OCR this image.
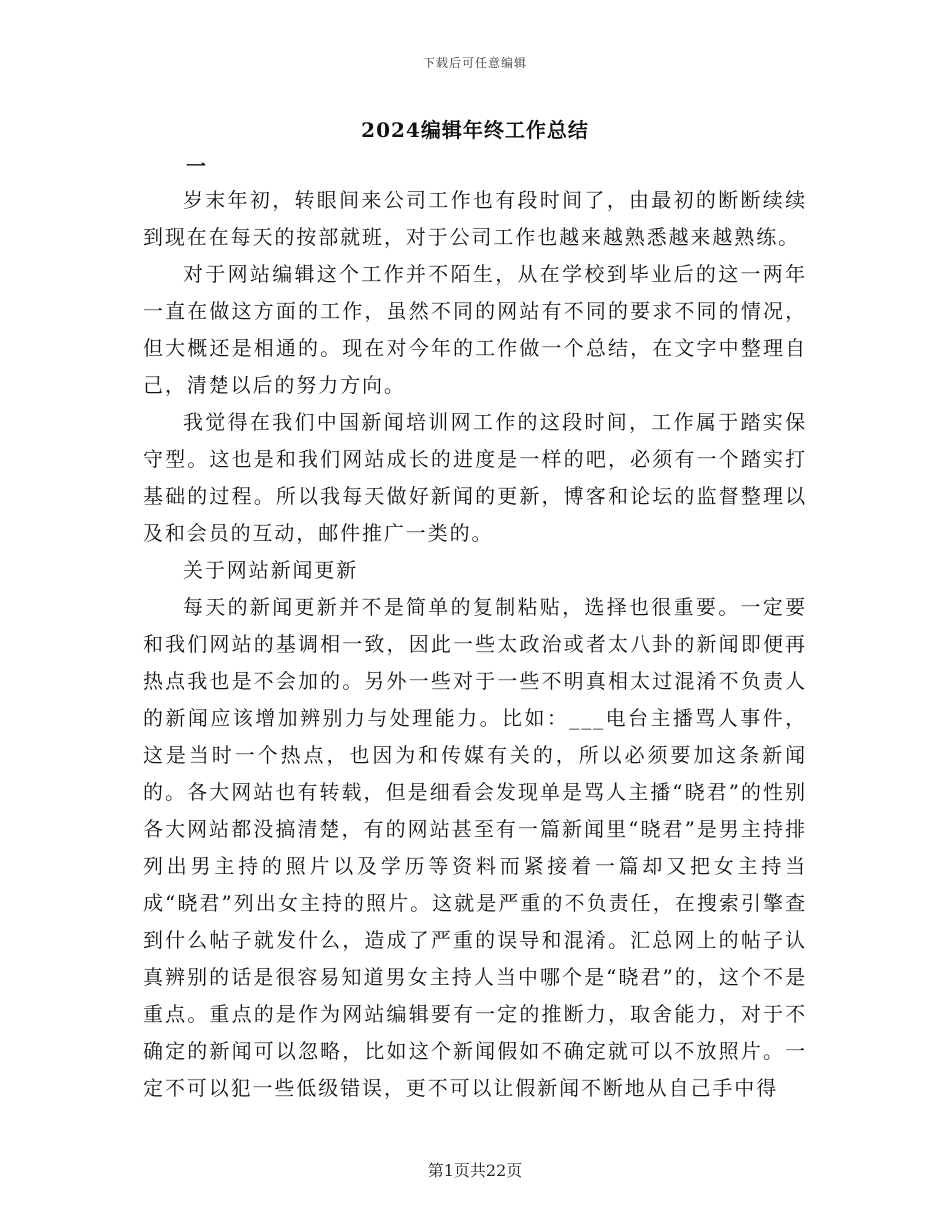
下载后可任意编辑
2024编辑年终工作总结
一

岁末年初，转眼间来公司工作也有段时间了，由最初的断断续续到现在在每天的按部就班，对于公司工作也越来越熟悉越来越熟练。

对于网站编辑这个工作并不陌生，从在学校到毕业后的这一两年一直在做这方面的工作，虽然不同的网站有不同的要求不同的情况，但大概还是相通的。现在对今年的工作做一个总结，在文字中整理自己，清楚以后的努力方向。

我觉得在我们中国新闻培训网工作的这段时间，工作属于踏实保守型。这也是和我们网站成长的进度是一样的吧，必须有一个踏实打基础的过程。所以我每天做好新闻的更新，博客和论坛的监督整理以及和会员的互动，邮件推广一类的。

关于网站新闻更新

每天的新闻更新并不是简单的复制粘贴，选择也很重要。一定要和我们网站的基调相一致，因此一些太政治或者太八卦的新闻即便再热点我也是不会加的。另外一些对于一些不明真相太过混淆不负责人的新闻应该增加辨别力与处理能力。比如：___电台主播骂人事件，这是当时一个热点，也因为和传媒有关的，所以必须要加这条新闻的。各大网站也有转载，但是细看会发现单是骂人主播“晓君”的性别各大网站都没搞清楚，有的网站甚至有一篇新闻里“晓君”是男主持排列出男主持的照片以及学历等资料而紧接着一篇却又把女主持当成“晓君”列出女主持的照片。这就是严重的不负责任，在搜索引擎查到什么帖子就发什么，造成了严重的误导和混淆。汇总网上的帖子认真辨别的话是很容易知道男女主持人当中哪个是“晓君”的，这个不是重点。重点的是作为网站编辑要有一定的推断力，取舍能力，对于不确定的新闻可以忽略，比如这个新闻假如不确定就可以不放照片。一定不可以犯一些低级错误，更不可以让假新闻不断地从自己手中得

第1页共22页
